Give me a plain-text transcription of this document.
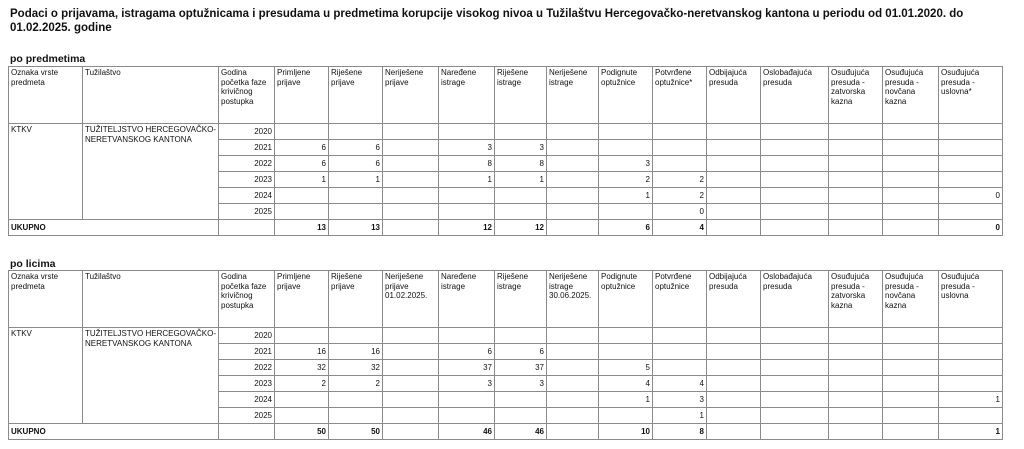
Podaci o prijavama, istragama optužnicama i presudama u predmetima korupcije visokog nivoa u Tužilaštvu Hercegovačko-neretvanskog kantona u periodu od 01.01.2020. do 01.02.2025. godine
po predmetima
Oznaka vrste predmeta	Tužilaštvo	Godina početka faze krivičnog postupka	Primljene prijave	Riješene prijave	Neriješene prijave	Naređene istrage	Riješene istrage	Neriješene istrage	Podignute optužnice	Potvrđene optužnice*	Odbijajuća presuda	Oslobađajuća presuda	Osuđujuća presuda - zatvorska kazna	Osuđujuća presuda - novčana kazna	Osuđujuća presuda - uslovna*
KTKV	TUŽITELJSTVO HERCEGOVAČKO-NERETVANSKOG KANTONA	2020													
		2021	6	6		3	3								
		2022	6	6		8	8		3						
		2023	1	1		1	1		2	2					
		2024							1	2					0
		2025								0					
UKUPNO			13	13		12	12		6	4					0
po licima
Oznaka vrste predmeta	Tužilaštvo	Godina početka faze krivičnog postupka	Primljene prijave	Riješene prijave	Neriješene prijave 01.02.2025.	Naređene istrage	Riješene istrage	Neriješene istrage 30.06.2025.	Podignute optužnice	Potvrđene optužnice	Odbijajuća presuda	Oslobađajuća presuda	Osuđujuća presuda - zatvorska kazna	Osuđujuća presuda - novčana kazna	Osuđujuća presuda - uslovna
KTKV	TUŽITELJSTVO HERCEGOVAČKO-NERETVANSKOG KANTONA	2020													
		2021	16	16		6	6								
		2022	32	32		37	37		5						
		2023	2	2		3	3		4	4					
		2024							1	3					1
		2025								1					
UKUPNO			50	50		46	46		10	8					1
